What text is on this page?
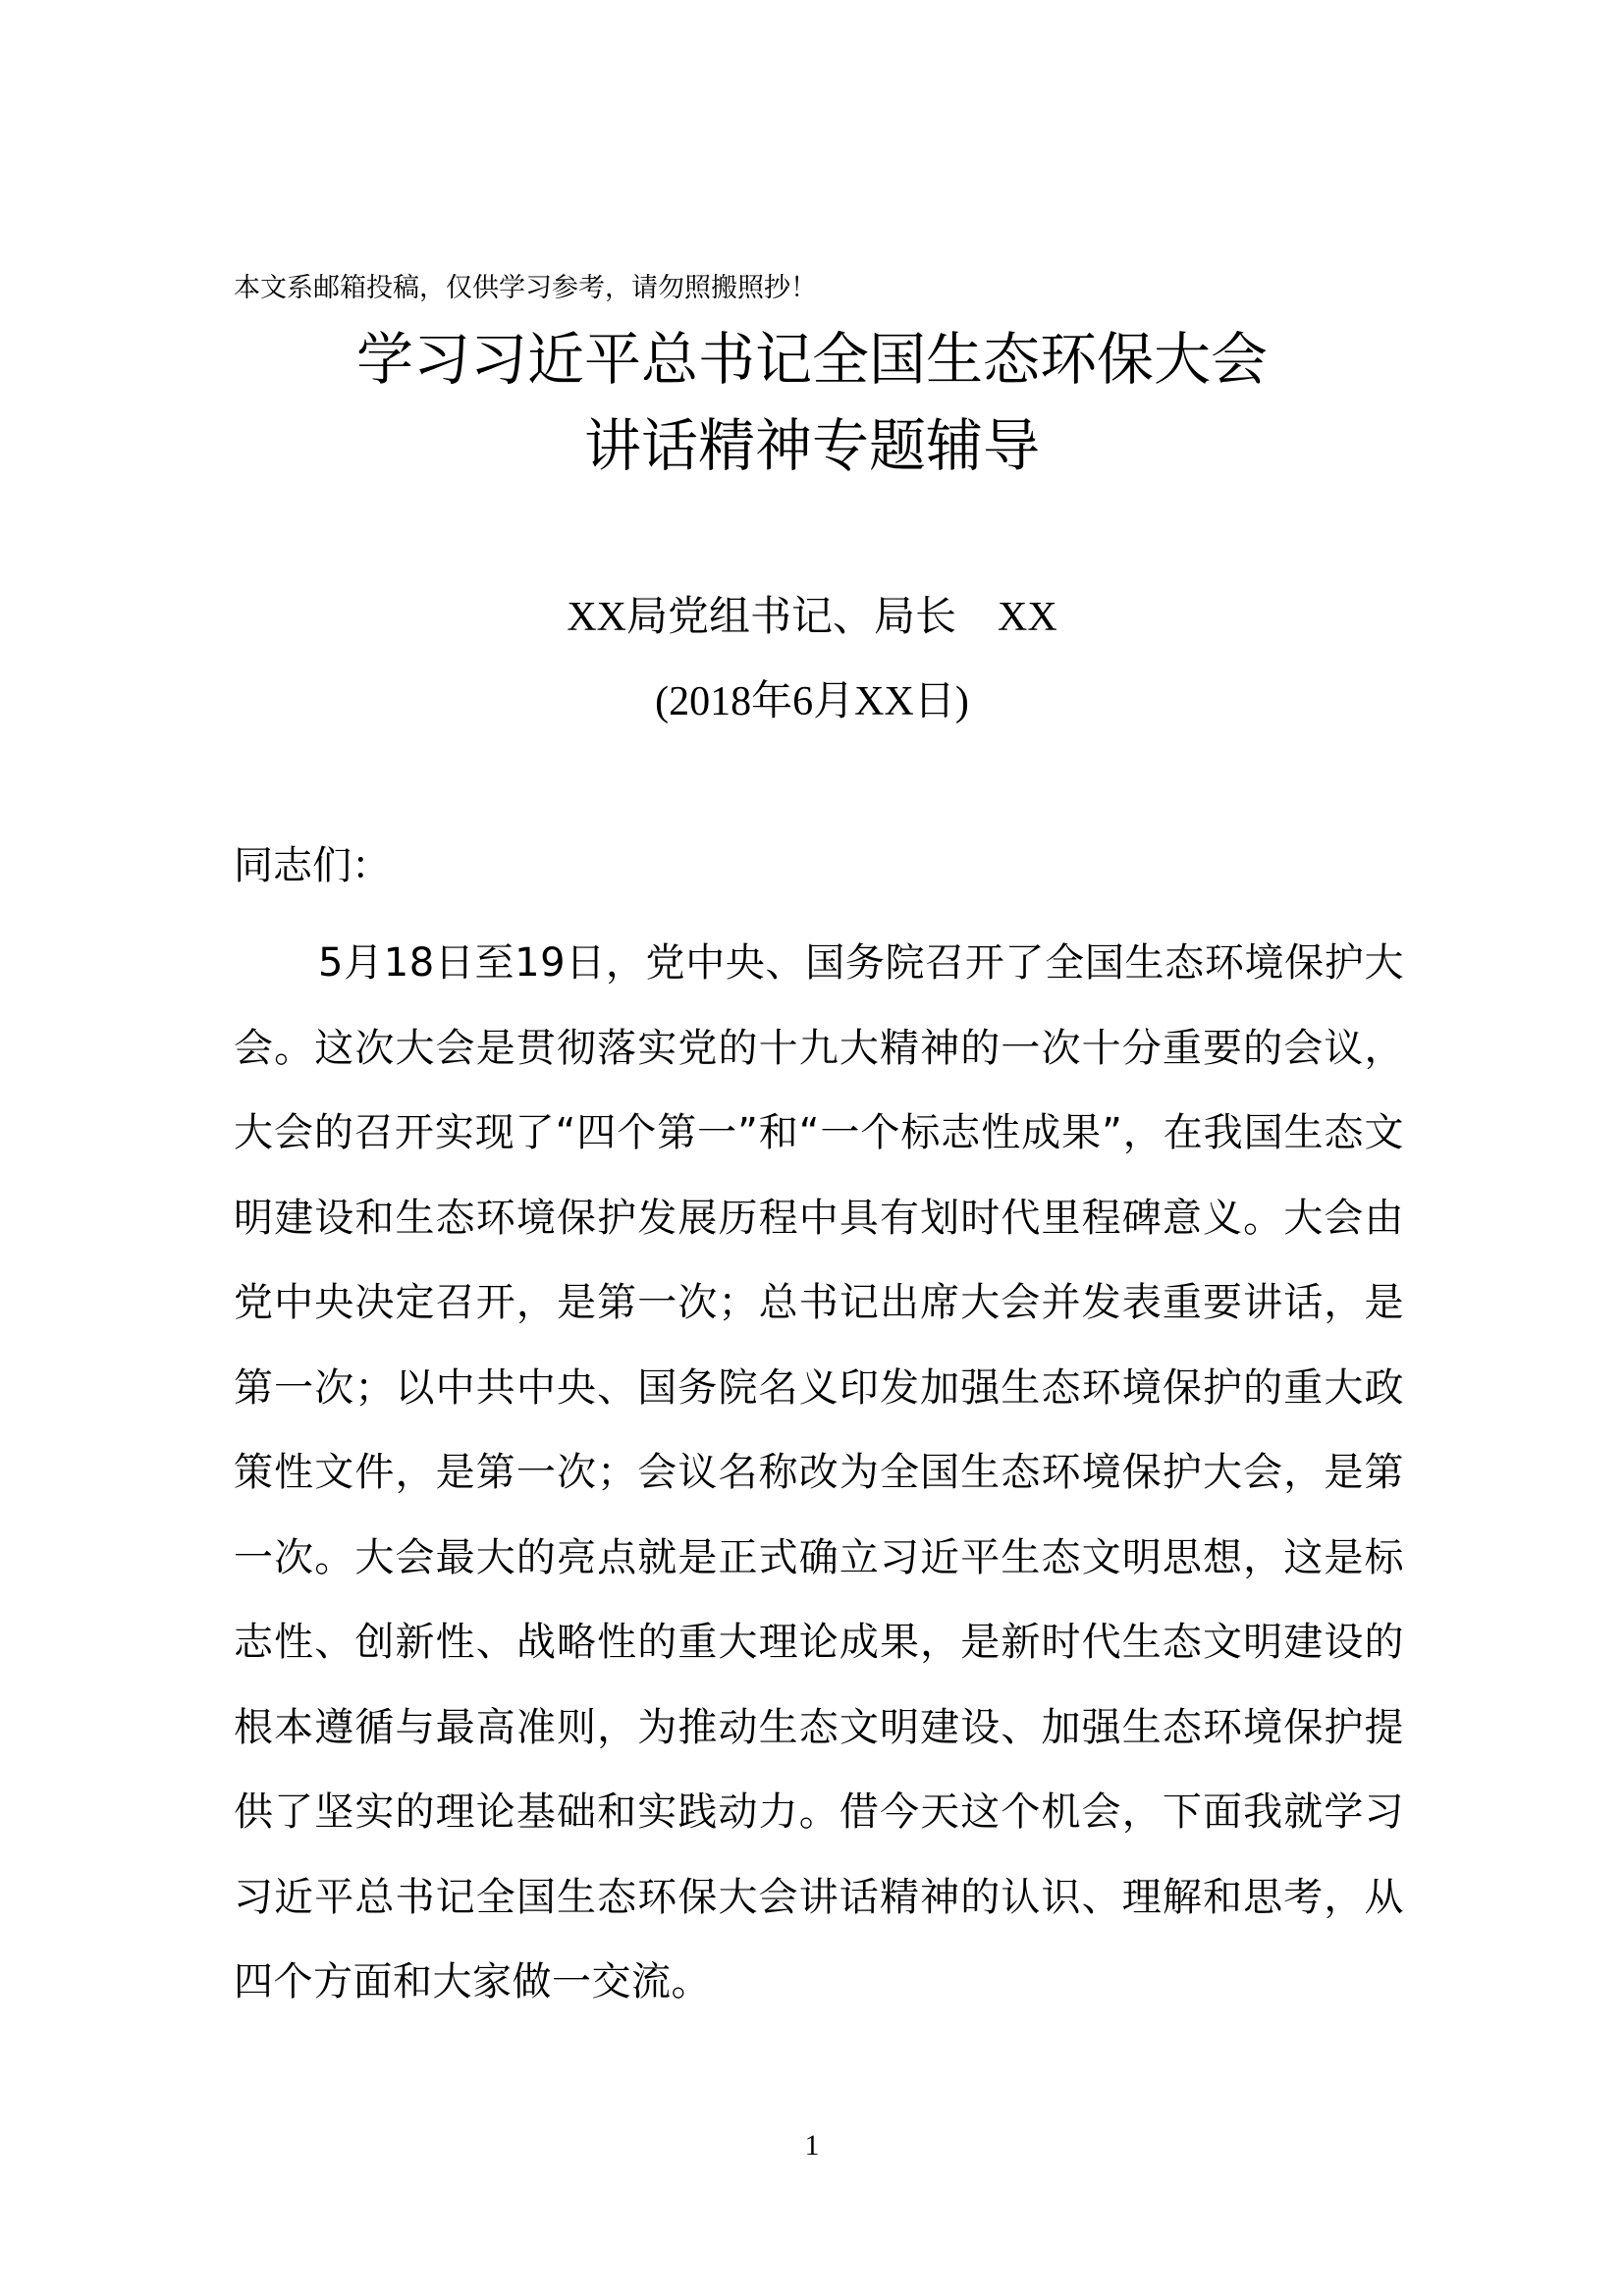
本文系邮箱投稿，仅供学习参考，请勿照搬照抄！
学习习近平总书记全国生态环保大会
讲话精神专题辅导
XX局党组书记、局长　XX
(2018年6月XX日)
同志们：
5月18日至19日，党中央、国务院召开了全国生态环境保护大会。这次大会是贯彻落实党的十九大精神的一次十分重要的会议，大会的召开实现了“四个第一”和“一个标志性成果”，在我国生态文明建设和生态环境保护发展历程中具有划时代里程碑意义。大会由党中央决定召开，是第一次；总书记出席大会并发表重要讲话，是第一次；以中共中央、国务院名义印发加强生态环境保护的重大政策性文件，是第一次；会议名称改为全国生态环境保护大会，是第一次。大会最大的亮点就是正式确立习近平生态文明思想，这是标志性、创新性、战略性的重大理论成果，是新时代生态文明建设的根本遵循与最高准则，为推动生态文明建设、加强生态环境保护提供了坚实的理论基础和实践动力。借今天这个机会，下面我就学习习近平总书记全国生态环保大会讲话精神的认识、理解和思考，从四个方面和大家做一交流。
1
